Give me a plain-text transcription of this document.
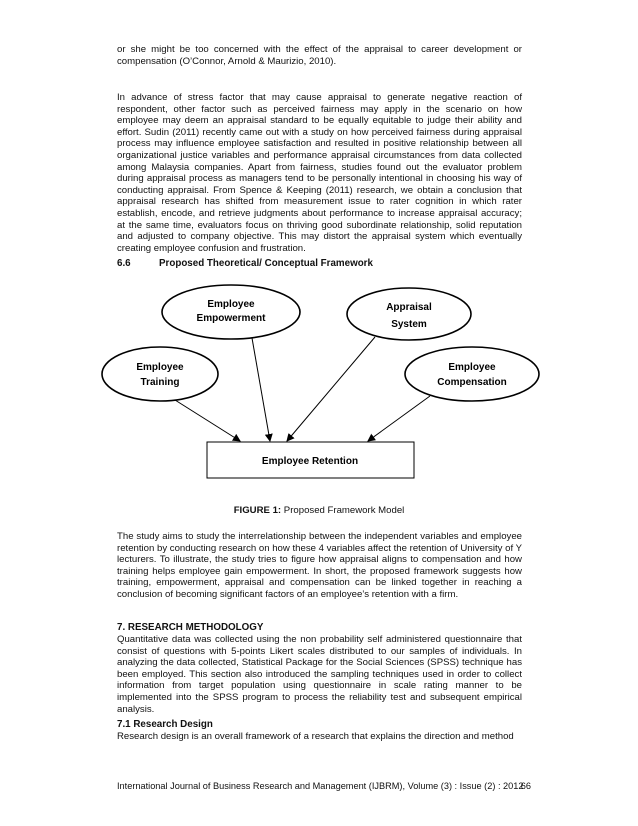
or she might be too concerned with the effect of the appraisal to career development or compensation (O’Connor, Arnold & Maurizio, 2010).

In advance of stress factor that may cause appraisal to generate negative reaction of respondent, other factor such as perceived fairness may apply in the scenario on how employee may deem an appraisal standard to be equally equitable to judge their ability and effort. Sudin (2011) recently came out with a study on how perceived fairness during appraisal process may influence employee satisfaction and resulted in positive relationship between all organizational justice variables and performance appraisal circumstances from data collected among Malaysia companies. Apart from fairness, studies found out the evaluator problem during appraisal process as managers tend to be personally intentional in choosing his way of conducting appraisal. From Spence & Keeping (2011) research, we obtain a conclusion that appraisal research has shifted from measurement issue to rater cognition in which rater establish, encode, and retrieve judgments about performance to increase appraisal accuracy; at the same time, evaluators focus on thriving good subordinate relationship, solid reputation and adjusted to company objective. This may distort the appraisal system which eventually creating employee confusion and frustration.

6.6	Proposed Theoretical/ Conceptual Framework

Employee
Empowerment
Appraisal
System
Employee
Training
Employee
Compensation
Employee Retention
FIGURE 1: Proposed Framework Model

The study aims to study the interrelationship between the independent variables and employee retention by conducting research on how these 4 variables affect the retention of University of Y lecturers. To illustrate, the study tries to figure how appraisal aligns to compensation and how training helps employee gain empowerment. In short, the proposed framework suggests how training, empowerment, appraisal and compensation can be linked together in reaching a conclusion of becoming significant factors of an employee’s retention with a firm.

7. RESEARCH METHODOLOGY

Quantitative data was collected using the non probability self administered questionnaire that consist of questions with 5-points Likert scales distributed to our samples of individuals. In analyzing the data collected, Statistical Package for the Social Sciences (SPSS) technique has been employed. This section also introduced the sampling techniques used in order to collect information from target population using questionnaire in scale rating manner to be implemented into the SPSS program to process the reliability test and subsequent empirical analysis.

7.1 Research Design

Research design is an overall framework of a research that explains the direction and method

International Journal of Business Research and Management (IJBRM), Volume (3) : Issue (2) : 2012
66
